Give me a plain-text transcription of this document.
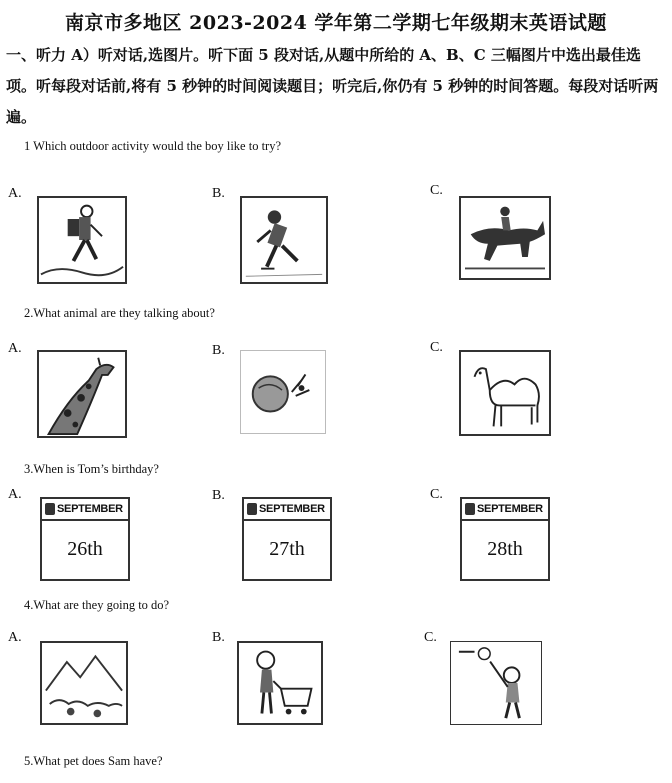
南京市多地区 2023-2024 学年第二学期七年级期末英语试题
一、听力 A）听对话,选图片。听下面 5 段对话,从题中所给的 A、B、C 三幅图片中选出最佳选项。听每段对话前,将有 5 秒钟的时间阅读题目；听完后,你仍有 5 秒钟的时间答题。每段对话听两遍。
1 Which outdoor activity would the boy like to try?
A.	B.	C.
2.What animal are they talking about?
A.	B.	C.
3.When is Tom’s birthday?
A.	B.	C.
SEPTEMBER
26th
SEPTEMBER
27th
SEPTEMBER
28th
4.What are they going to do?
A.	B.	C.
5.What pet does Sam have?
